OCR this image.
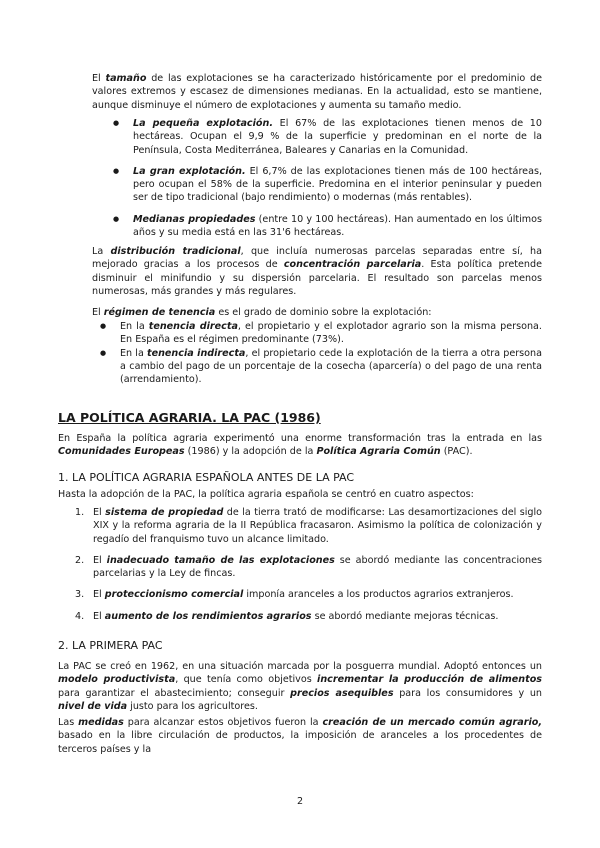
El tamaño de las explotaciones se ha caracterizado históricamente por el predominio de valores extremos y escasez de dimensiones medianas. En la actualidad, esto se mantiene, aunque disminuye el número de explotaciones y aumenta su tamaño medio.

● La pequeña explotación. El 67% de las explotaciones tienen menos de 10 hectáreas. Ocupan el 9,9 % de la superficie y predominan en el norte de la Península, Costa Mediterránea, Baleares y Canarias en la Comunidad.
● La gran explotación. El 6,7% de las explotaciones tienen más de 100 hectáreas, pero ocupan el 58% de la superficie. Predomina en el interior peninsular y pueden ser de tipo tradicional (bajo rendimiento) o modernas (más rentables).
● Medianas propiedades (entre 10 y 100 hectáreas). Han aumentado en los últimos años y su media está en las 31'6 hectáreas.

La distribución tradicional, que incluía numerosas parcelas separadas entre sí, ha mejorado gracias a los procesos de concentración parcelaria. Esta política pretende disminuir el minifundio y su dispersión parcelaria. El resultado son parcelas menos numerosas, más grandes y más regulares.

El régimen de tenencia es el grado de dominio sobre la explotación:

● En la tenencia directa, el propietario y el explotador agrario son la misma persona. En España es el régimen predominante (73%).
● En la tenencia indirecta, el propietario cede la explotación de la tierra a otra persona a cambio del pago de un porcentaje de la cosecha (aparcería) o del pago de una renta (arrendamiento).
LA POLÍTICA AGRARIA. LA PAC (1986)

En España la política agraria experimentó una enorme transformación tras la entrada en las Comunidades Europeas (1986) y la adopción de la Política Agraria Común (PAC).

1. LA POLÍTICA AGRARIA ESPAÑOLA ANTES DE LA PAC

Hasta la adopción de la PAC, la política agraria española se centró en cuatro aspectos:

1. El sistema de propiedad de la tierra trató de modificarse: Las desamortizaciones del siglo XIX y la reforma agraria de la II República fracasaron. Asimismo la política de colonización y regadío del franquismo tuvo un alcance limitado.
2. El inadecuado tamaño de las explotaciones se abordó mediante las concentraciones parcelarias y la Ley de fincas.
3. El proteccionismo comercial imponía aranceles a los productos agrarios extranjeros.
4. El aumento de los rendimientos agrarios se abordó mediante mejoras técnicas.
2. LA PRIMERA PAC

La PAC se creó en 1962, en una situación marcada por la posguerra mundial. Adoptó entonces un modelo productivista, que tenía como objetivos incrementar la producción de alimentos para garantizar el abastecimiento; conseguir precios asequibles para los consumidores y un nivel de vida justo para los agricultores.

Las medidas para alcanzar estos objetivos fueron la creación de un mercado común agrario, basado en la libre circulación de productos, la imposición de aranceles a los procedentes de terceros países y la

2
